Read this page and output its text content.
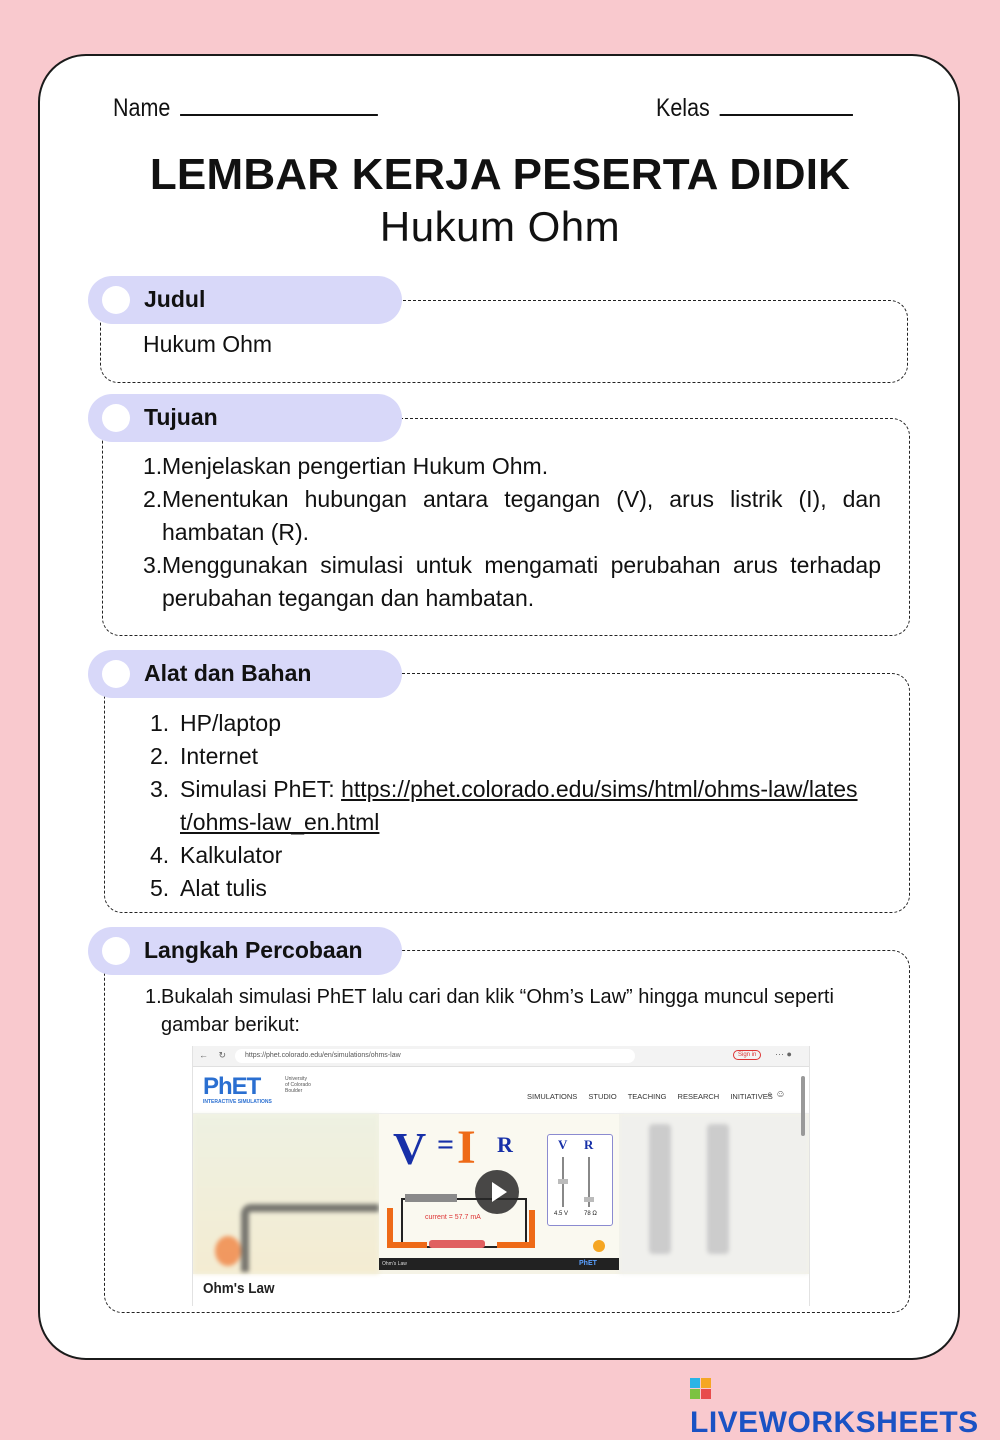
Name	Kelas
LEMBAR KERJA PESERTA DIDIK
Hukum Ohm
Judul
Hukum Ohm
Tujuan
1. Menjelaskan pengertian Hukum Ohm.
2. Menentukan hubungan antara tegangan (V), arus listrik (I), dan hambatan (R).
3. Menggunakan simulasi untuk mengamati perubahan arus terhadap perubahan tegangan dan hambatan.
Alat dan Bahan
1. HP/laptop
2. Internet
3. Simulasi PhET: https://phet.colorado.edu/sims/html/ohms-law/latest/ohms-law_en.html
4. Kalkulator
5. Alat tulis
Langkah Percobaan
1. Bukalah simulasi PhET lalu cari dan klik “Ohm’s Law” hingga muncul seperti gambar berikut:
← ↻	https://phet.colorado.edu/en/simulations/ohms-law	Sign in	··· ●
PhET
INTERACTIVE SIMULATIONS
University of Colorado Boulder
SIMULATIONS STUDIO TEACHING RESEARCH INITIATIVES
⌕ ☺
V = I R	V R
4.5 V	78 Ω
current = 57.7 mA
Ohm's Law	PhET
Ohm's Law
LIVEWORKSHEETS
